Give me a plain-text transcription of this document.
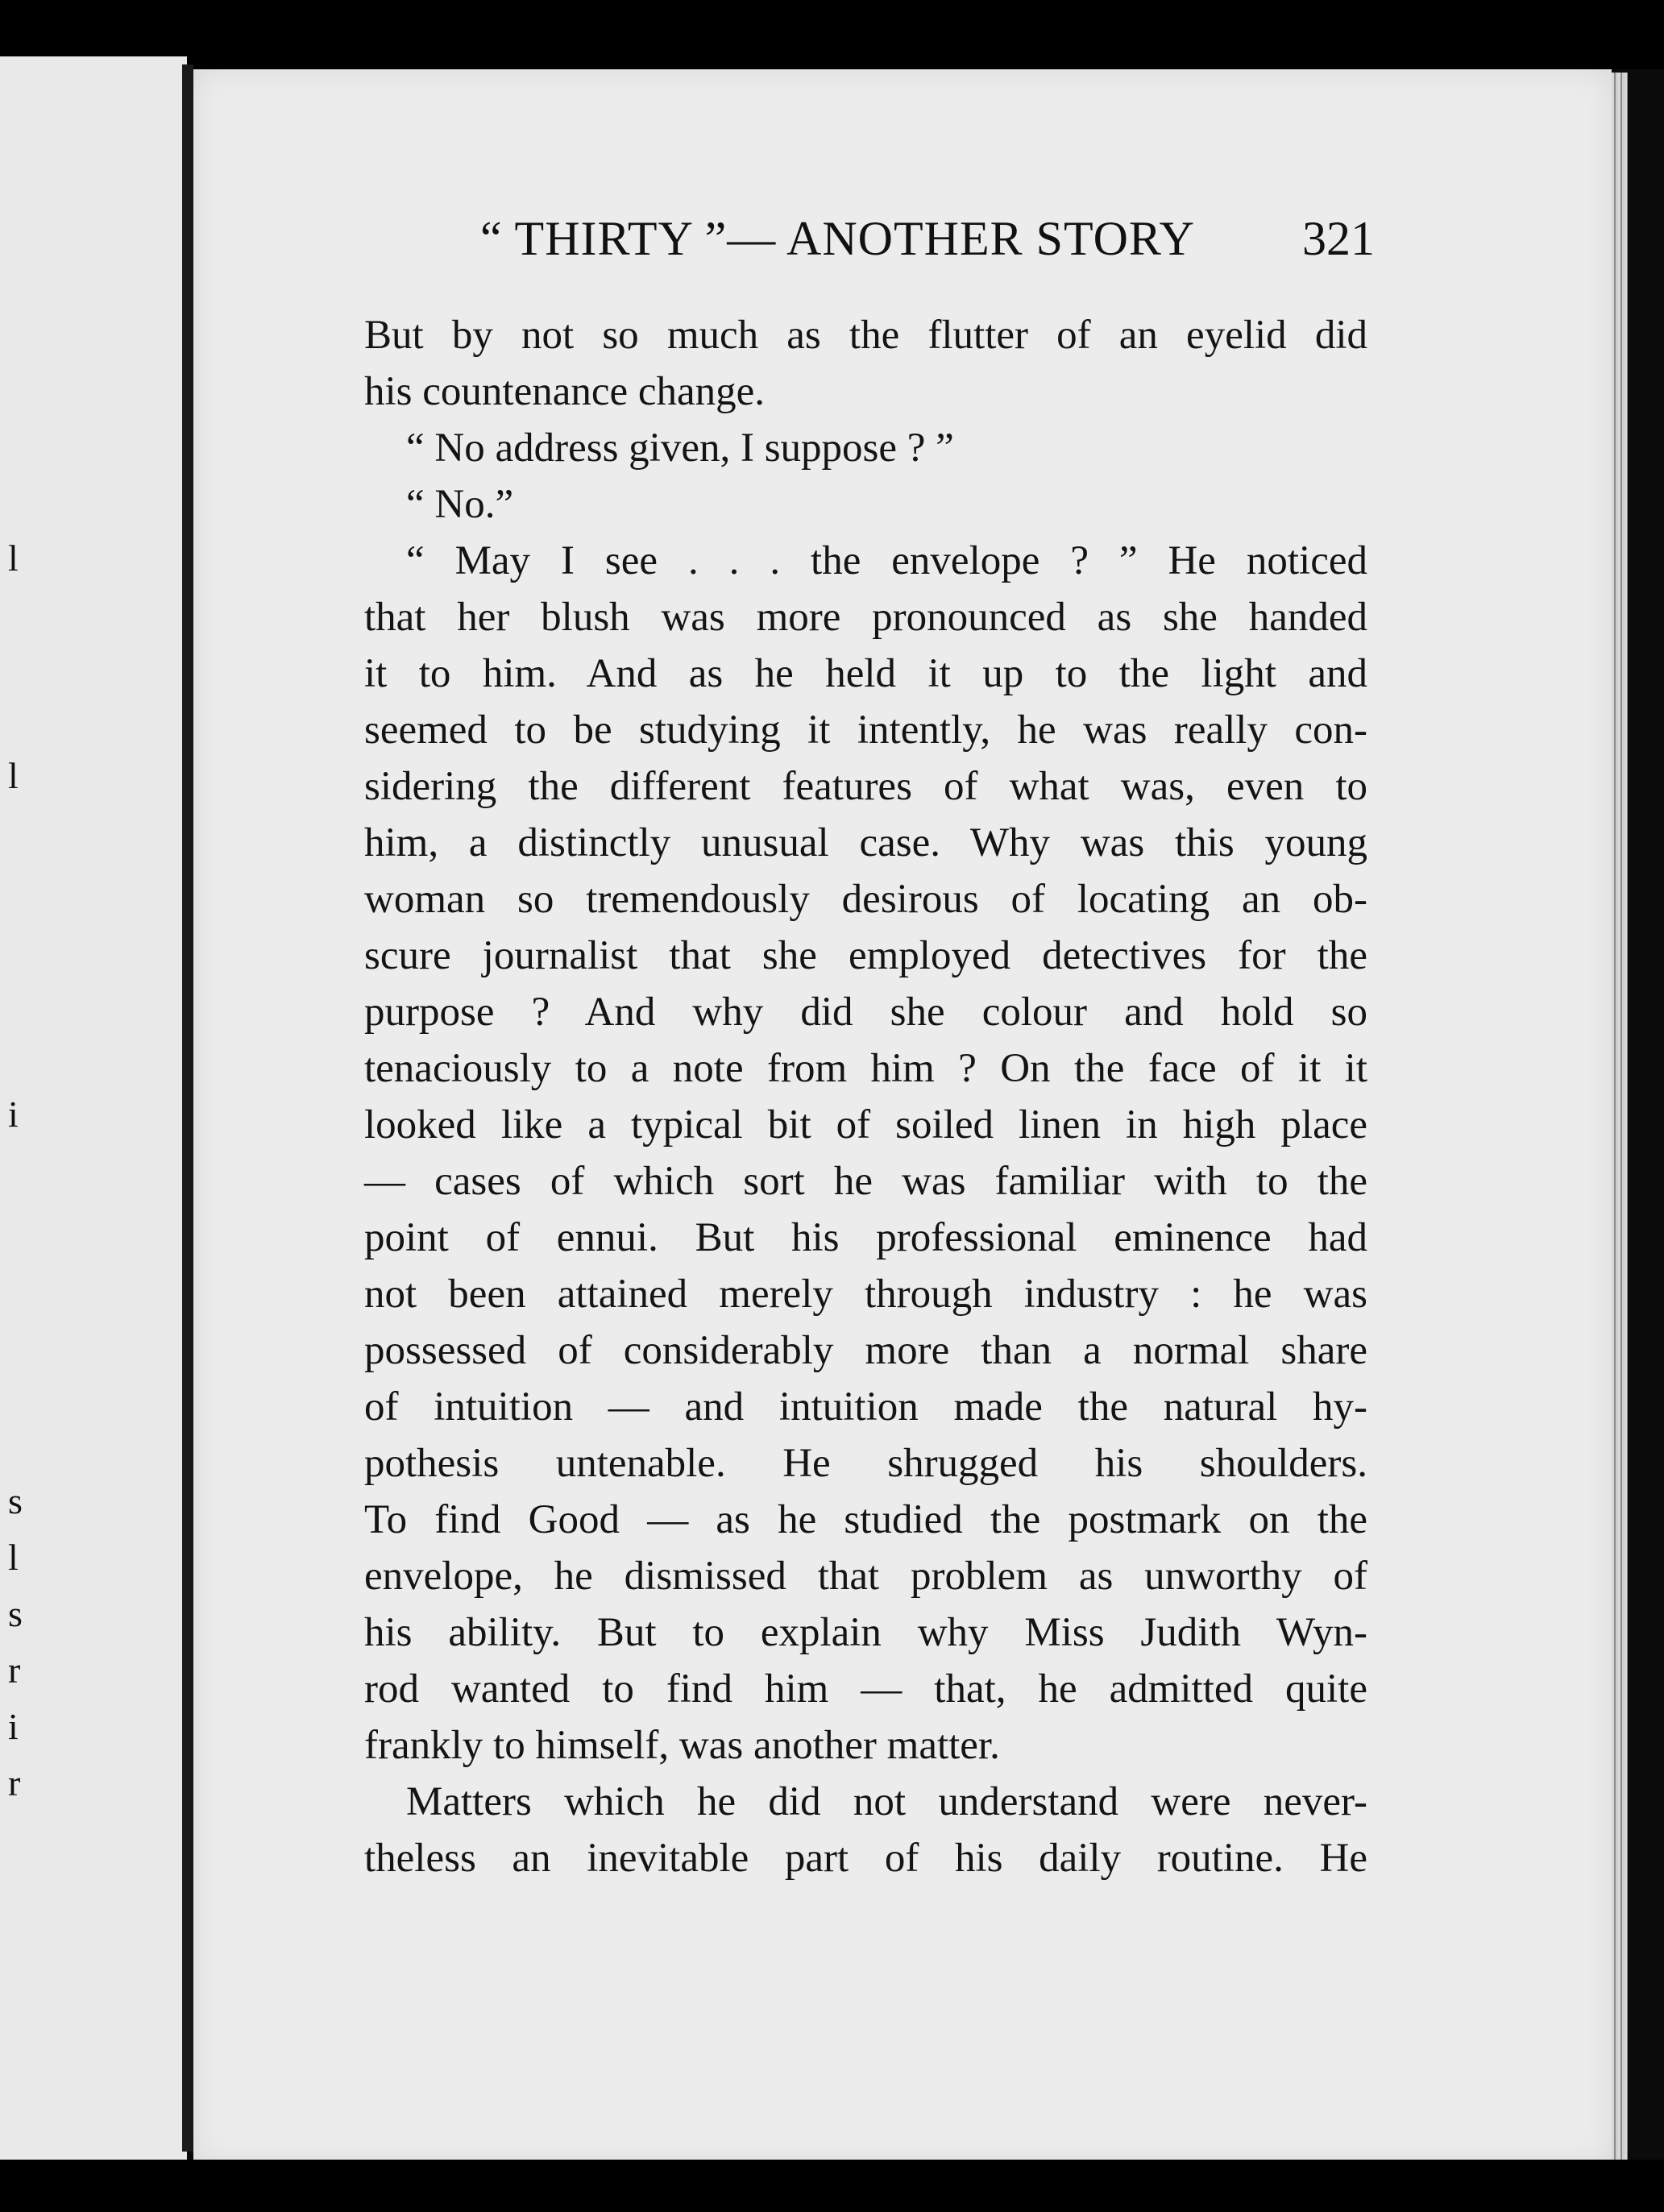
l
l
i
s
l
s
r
i
r
“ THIRTY ”— ANOTHER STORY 321
But by not so much as the flutter of an eyelid did
his countenance change.
“ No address given, I suppose ? ”
“ No.”
“ May I see . . . the envelope ? ” He noticed
that her blush was more pronounced as she handed
it to him. And as he held it up to the light and
seemed to be studying it intently, he was really con-
sidering the different features of what was, even to
him, a distinctly unusual case. Why was this young
woman so tremendously desirous of locating an ob-
scure journalist that she employed detectives for the
purpose ? And why did she colour and hold so
tenaciously to a note from him ? On the face of it it
looked like a typical bit of soiled linen in high place
— cases of which sort he was familiar with to the
point of ennui. But his professional eminence had
not been attained merely through industry : he was
possessed of considerably more than a normal share
of intuition — and intuition made the natural hy-
pothesis untenable. He shrugged his shoulders.
To find Good — as he studied the postmark on the
envelope, he dismissed that problem as unworthy of
his ability. But to explain why Miss Judith Wyn-
rod wanted to find him — that, he admitted quite
frankly to himself, was another matter.
Matters which he did not understand were never-
theless an inevitable part of his daily routine. He
